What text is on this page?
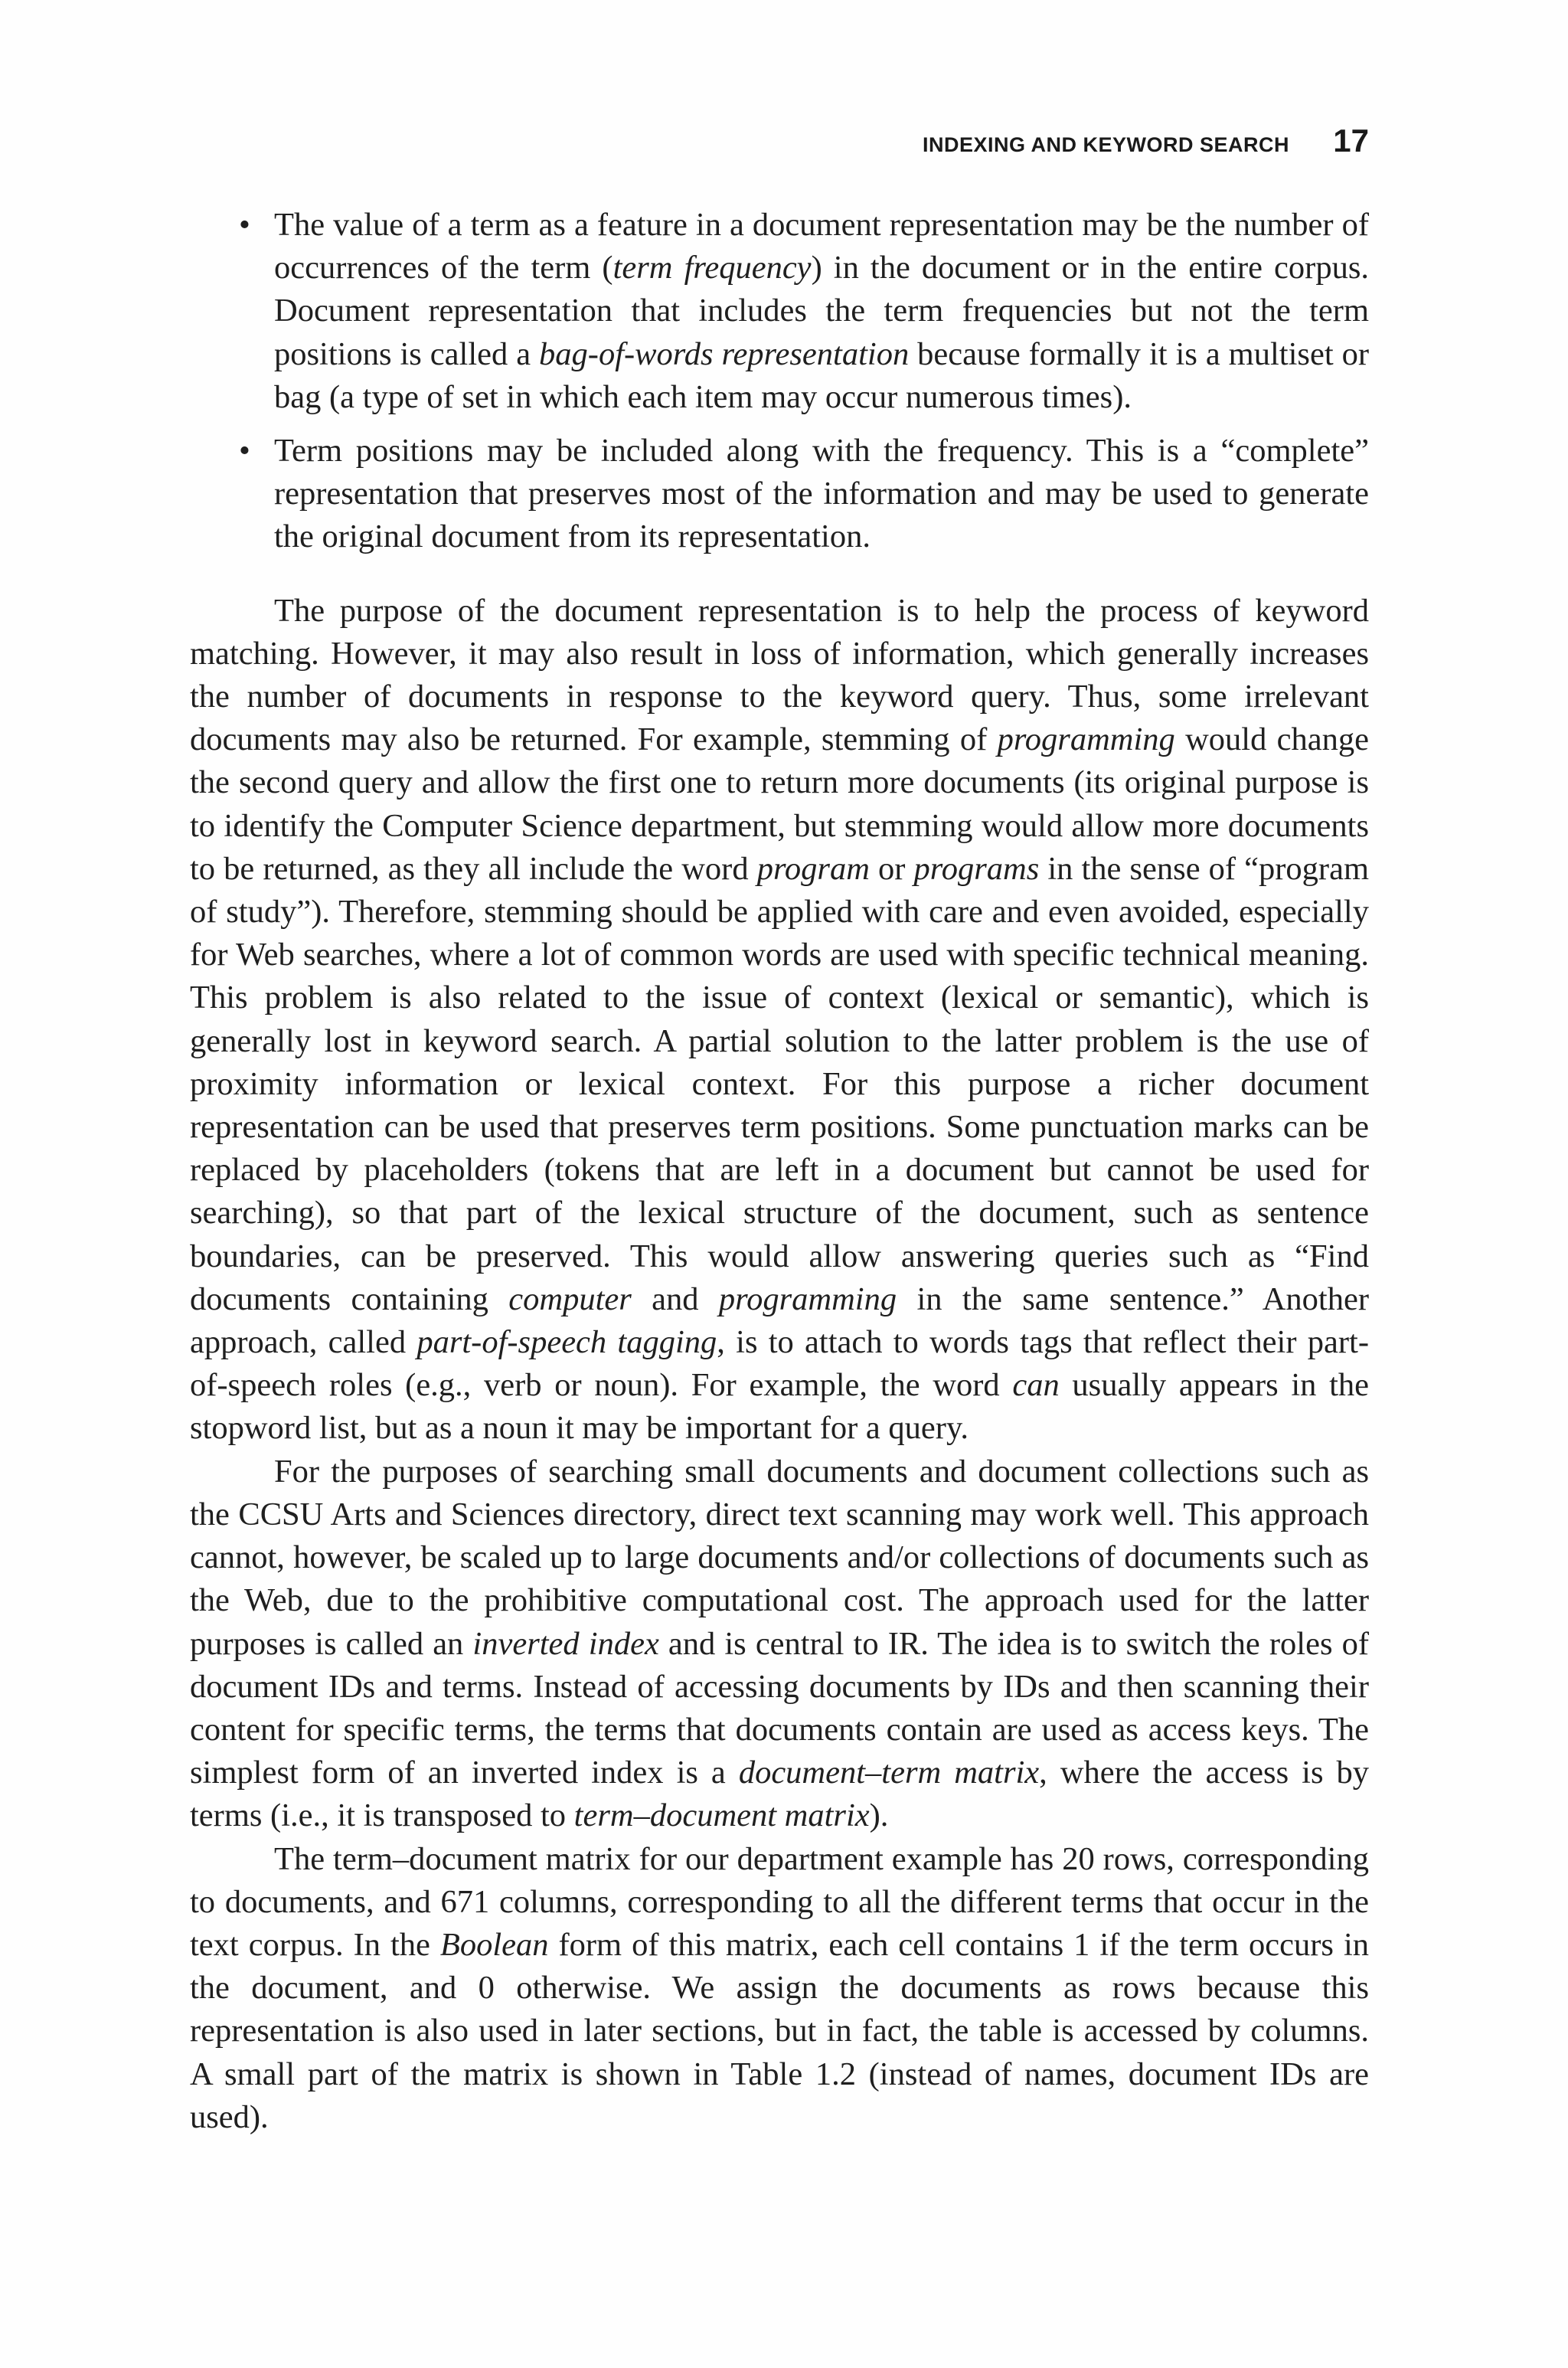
INDEXING AND KEYWORD SEARCH 17
• The value of a term as a feature in a document representation may be the number of occurrences of the term (term frequency) in the document or in the entire corpus. Document representation that includes the term frequencies but not the term positions is called a bag-of-words representation because formally it is a multiset or bag (a type of set in which each item may occur numerous times).
• Term positions may be included along with the frequency. This is a “complete” representation that preserves most of the information and may be used to generate the original document from its representation.

The purpose of the document representation is to help the process of keyword matching. However, it may also result in loss of information, which generally increases the number of documents in response to the keyword query. Thus, some irrelevant documents may also be returned. For example, stemming of programming would change the second query and allow the first one to return more documents (its original purpose is to identify the Computer Science department, but stemming would allow more documents to be returned, as they all include the word program or programs in the sense of “program of study”). Therefore, stemming should be applied with care and even avoided, especially for Web searches, where a lot of common words are used with specific technical meaning. This problem is also related to the issue of context (lexical or semantic), which is generally lost in keyword search. A partial solution to the latter problem is the use of proximity information or lexical context. For this purpose a richer document representation can be used that preserves term positions. Some punctuation marks can be replaced by placeholders (tokens that are left in a document but cannot be used for searching), so that part of the lexical structure of the document, such as sentence boundaries, can be preserved. This would allow answering queries such as “Find documents containing computer and programming in the same sentence.” Another approach, called part-of-speech tagging, is to attach to words tags that reflect their part-of-speech roles (e.g., verb or noun). For example, the word can usually appears in the stopword list, but as a noun it may be important for a query.

For the purposes of searching small documents and document collections such as the CCSU Arts and Sciences directory, direct text scanning may work well. This approach cannot, however, be scaled up to large documents and/or collections of documents such as the Web, due to the prohibitive computational cost. The approach used for the latter purposes is called an inverted index and is central to IR. The idea is to switch the roles of document IDs and terms. Instead of accessing documents by IDs and then scanning their content for specific terms, the terms that documents contain are used as access keys. The simplest form of an inverted index is a document–term matrix, where the access is by terms (i.e., it is transposed to term–document matrix).

The term–document matrix for our department example has 20 rows, corresponding to documents, and 671 columns, corresponding to all the different terms that occur in the text corpus. In the Boolean form of this matrix, each cell contains 1 if the term occurs in the document, and 0 otherwise. We assign the documents as rows because this representation is also used in later sections, but in fact, the table is accessed by columns. A small part of the matrix is shown in Table 1.2 (instead of names, document IDs are used).
